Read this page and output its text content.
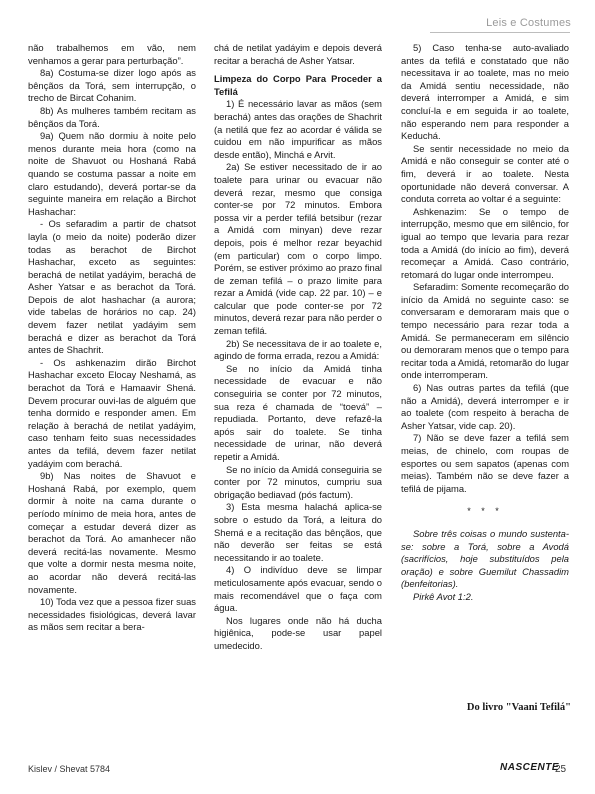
Leis e Costumes

não trabalhemos em vão, nem venhamos a gerar para perturbação”.

8a) Costuma-se dizer logo após as bênçãos da Torá, sem interrupção, o trecho de Bircat Cohanim.

8b) As mulheres também recitam as bênçãos da Torá.

9a) Quem não dormiu à noite pelo menos durante meia hora (como na noite de Shavuot ou Hoshaná Rabá quando se costuma passar a noite em claro estudando), deverá portar-se da seguinte maneira em relação a Birchot Hashachar:

- Os sefaradim a partir de chatsot layla (o meio da noite) poderão dizer todas as berachot de Birchot Hashachar, exceto as seguintes: berachá de netilat yadáyim, berachá de Asher Yatsar e as berachot da Torá. Depois de alot hashachar (a aurora; vide tabelas de horários no cap. 24) devem fazer netilat yadáyim sem berachá e dizer as berachot da Torá antes de Shachrit.

- Os ashkenazim dirão Birchot Hashachar exceto Elocay Neshamá, as berachot da Torá e Hamaavir Shená. Devem procurar ouvi-las de alguém que tenha dormido e responder amen. Em relação à berachá de netilat yadáyim, caso tenham feito suas necessidades antes da tefilá, devem fazer netilat yadáyim com berachá.

9b) Nas noites de Shavuot e Hoshaná Rabá, por exemplo, quem dormir à noite na cama durante o período mínimo de meia hora, antes de começar a estudar deverá dizer as berachot da Torá. Ao amanhecer não deverá recitá-las novamente. Mesmo que volte a dormir nesta mesma noite, ao acordar não deverá recitá-las novamente.

10) Toda vez que a pessoa fizer suas necessidades fisiológicas, deverá lavar as mãos sem recitar a bera-

chá de netilat yadáyim e depois deverá recitar a berachá de Asher Yatsar.

Limpeza do Corpo Para Proceder a Tefilá

1) É necessário lavar as mãos (sem berachá) antes das orações de Shachrit (a netilá que fez ao acordar é válida se cuidou em não impurificar as mãos desde então), Minchá e Arvit.

2a) Se estiver necessitado de ir ao toalete para urinar ou evacuar não deverá rezar, mesmo que consiga conter-se por 72 minutos. Embora possa vir a perder tefilá betsibur (rezar a Amidá com minyan) deve rezar depois, pois é melhor rezar beyachid (em particular) com o corpo limpo. Porém, se estiver próximo ao prazo final de zeman tefilá – o prazo limite para rezar a Amidá (vide cap. 22 par. 10) – e calcular que pode conter-se por 72 minutos, deverá rezar para não perder o zeman tefilá.

2b) Se necessitava de ir ao toalete e, agindo de forma errada, rezou a Amidá:

Se no início da Amidá tinha necessidade de evacuar e não conseguiria se conter por 72 minutos, sua reza é chamada de “toevá” – repudiada. Portanto, deve refazê-la após sair do toalete. Se tinha necessidade de urinar, não deverá repetir a Amidá.

Se no início da Amidá conseguiria se conter por 72 minutos, cumpriu sua obrigação bediavad (pós factum).

3) Esta mesma halachá aplica-se sobre o estudo da Torá, a leitura do Shemá e a recitação das bênçãos, que não deverão ser feitas se está necessitando ir ao toalete.

4) O indivíduo deve se limpar meticulosamente após evacuar, sendo o mais recomendável que o faça com água.

Nos lugares onde não há ducha higiênica, pode-se usar papel umedecido.

5) Caso tenha-se auto-avaliado antes da tefilá e constatado que não necessitava ir ao toalete, mas no meio da Amidá sentiu necessidade, não deverá interromper a Amidá, e sim concluí-la e em seguida ir ao toalete, não esperando nem para responder a Keduchá.

Se sentir necessidade no meio da Amidá e não conseguir se conter até o fim, deverá ir ao toalete. Nesta oportunidade não deverá conversar. A conduta correta ao voltar é a seguinte:

Ashkenazim: Se o tempo de interrupção, mesmo que em silêncio, for igual ao tempo que levaria para rezar toda a Amidá (do início ao fim), deverá recomeçar a Amidá. Caso contrário, retomará do lugar onde interrompeu.

Sefaradim: Somente recomeçarão do início da Amidá no seguinte caso: se conversaram e demoraram mais que o tempo necessário para rezar toda a Amidá. Se permaneceram em silêncio ou demoraram menos que o tempo para recitar toda a Amidá, retomarão do lugar onde interromperam.

6) Nas outras partes da tefilá (que não a Amidá), deverá interromper e ir ao toalete (com respeito à beracha de Asher Yatsar, vide cap. 20).

7) Não se deve fazer a tefilá sem meias, de chinelo, com roupas de esportes ou sem sapatos (apenas com meias). Também não se deve fazer a tefilá de pijama.

* * *

Sobre três coisas o mundo sustenta-se: sobre a Torá, sobre a Avodá (sacrifícios, hoje substituídos pela oração) e sobre Guemilut Chassadim (benfeitorias).

Pirkê Avot 1:2.

Do livro "Vaani Tefilá"
Kislev / Shevat 5784	NASCENTE
25
